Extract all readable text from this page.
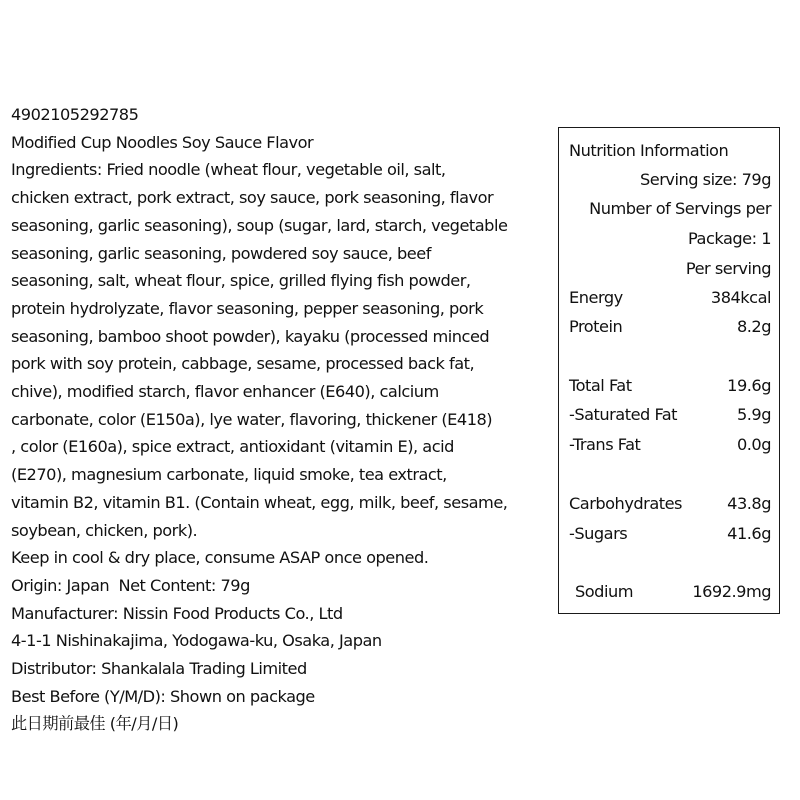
4902105292785
Modified Cup Noodles Soy Sauce Flavor
Ingredients: Fried noodle (wheat flour, vegetable oil, salt,
chicken extract, pork extract, soy sauce, pork seasoning, flavor
seasoning, garlic seasoning), soup (sugar, lard, starch, vegetable
seasoning, garlic seasoning, powdered soy sauce, beef
seasoning, salt, wheat flour, spice, grilled flying fish powder,
protein hydrolyzate, flavor seasoning, pepper seasoning, pork
seasoning, bamboo shoot powder), kayaku (processed minced
pork with soy protein, cabbage, sesame, processed back fat,
chive), modified starch, flavor enhancer (E640), calcium
carbonate, color (E150a), lye water, flavoring, thickener (E418)
, color (E160a), spice extract, antioxidant (vitamin E), acid
(E270), magnesium carbonate, liquid smoke, tea extract,
vitamin B2, vitamin B1. (Contain wheat, egg, milk, beef, sesame,
soybean, chicken, pork).
Keep in cool & dry place, consume ASAP once opened.
Origin: Japan  Net Content: 79g
Manufacturer: Nissin Food Products Co., Ltd
4-1-1 Nishinakajima, Yodogawa-ku, Osaka, Japan
Distributor: Shankalala Trading Limited
Best Before (Y/M/D): Shown on package
此日期前最佳 (年/月/日)
Nutrition Information
Serving size: 79g
Number of Servings per
Package: 1
Per serving
Energy	384kcal
Protein	8.2g
Total Fat	19.6g
-Saturated Fat	5.9g
-Trans Fat	0.0g
Carbohydrates	43.8g
-Sugars	41.6g
Sodium	1692.9mg
